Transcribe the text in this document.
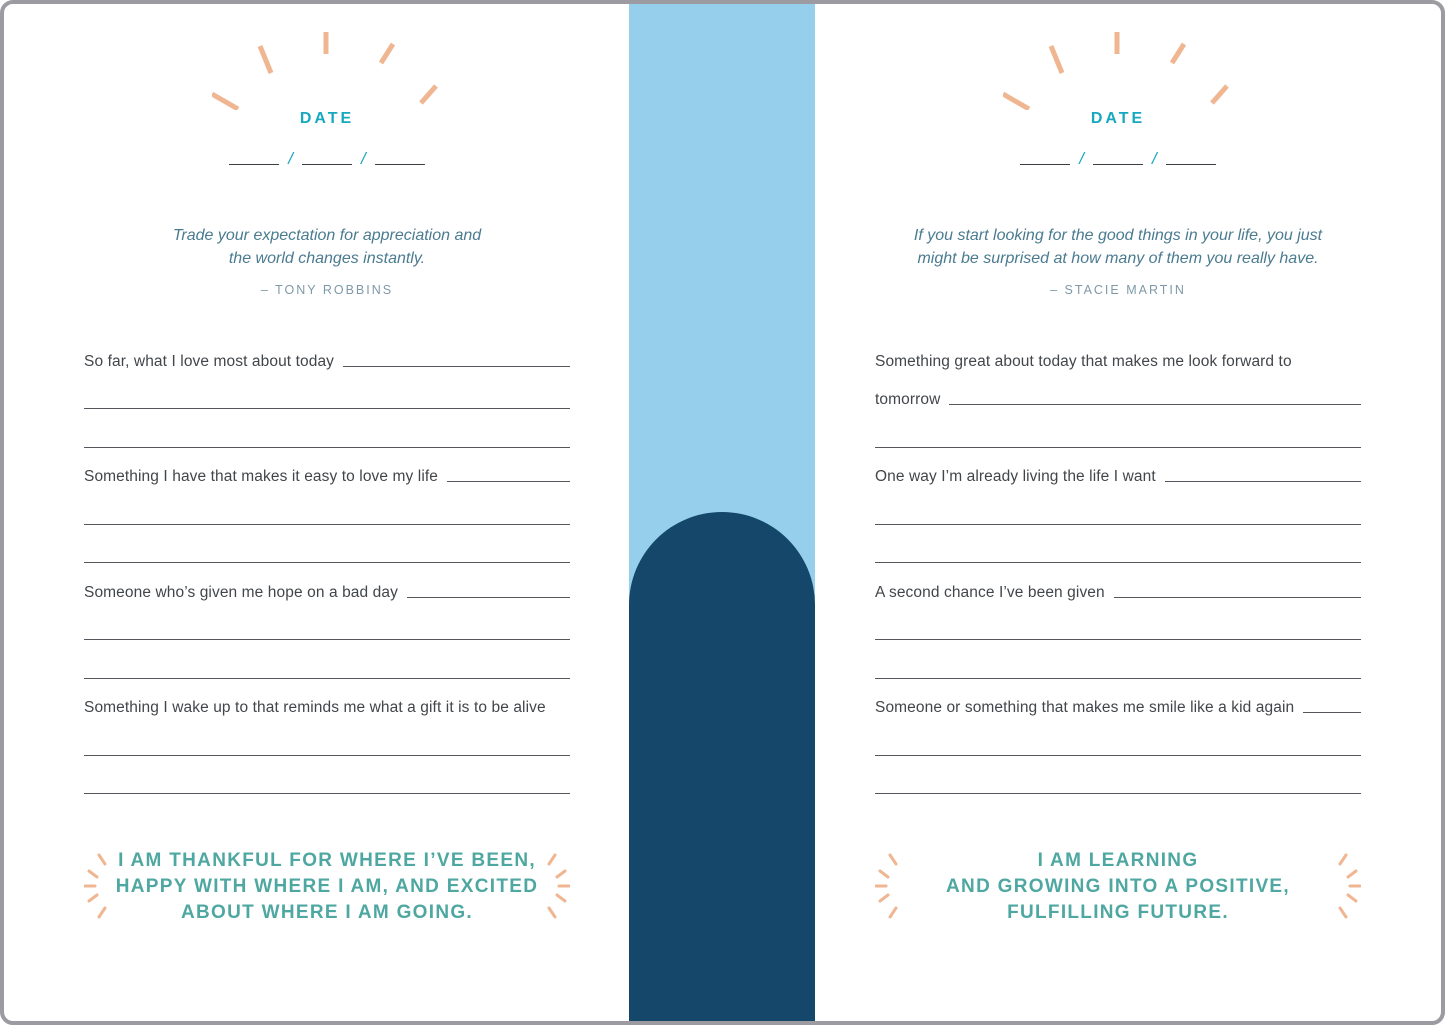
DATE
/	/
Trade your expectation for appreciation and
the world changes instantly.
– TONY ROBBINS
So far, what I love most about today
Something I have that makes it easy to love my life
Someone who’s given me hope on a bad day
Something I wake up to that reminds me what a gift it is to be alive
I AM THANKFUL FOR WHERE I’VE BEEN,
HAPPY WITH WHERE I AM, AND EXCITED
ABOUT WHERE I AM GOING.
DATE
/	/
If you start looking for the good things in your life, you just
might be surprised at how many of them you really have.
– STACIE MARTIN
Something great about today that makes me look forward to
tomorrow
One way I’m already living the life I want
A second chance I’ve been given
Someone or something that makes me smile like a kid again
I AM LEARNING
AND GROWING INTO A POSITIVE,
FULFILLING FUTURE.
